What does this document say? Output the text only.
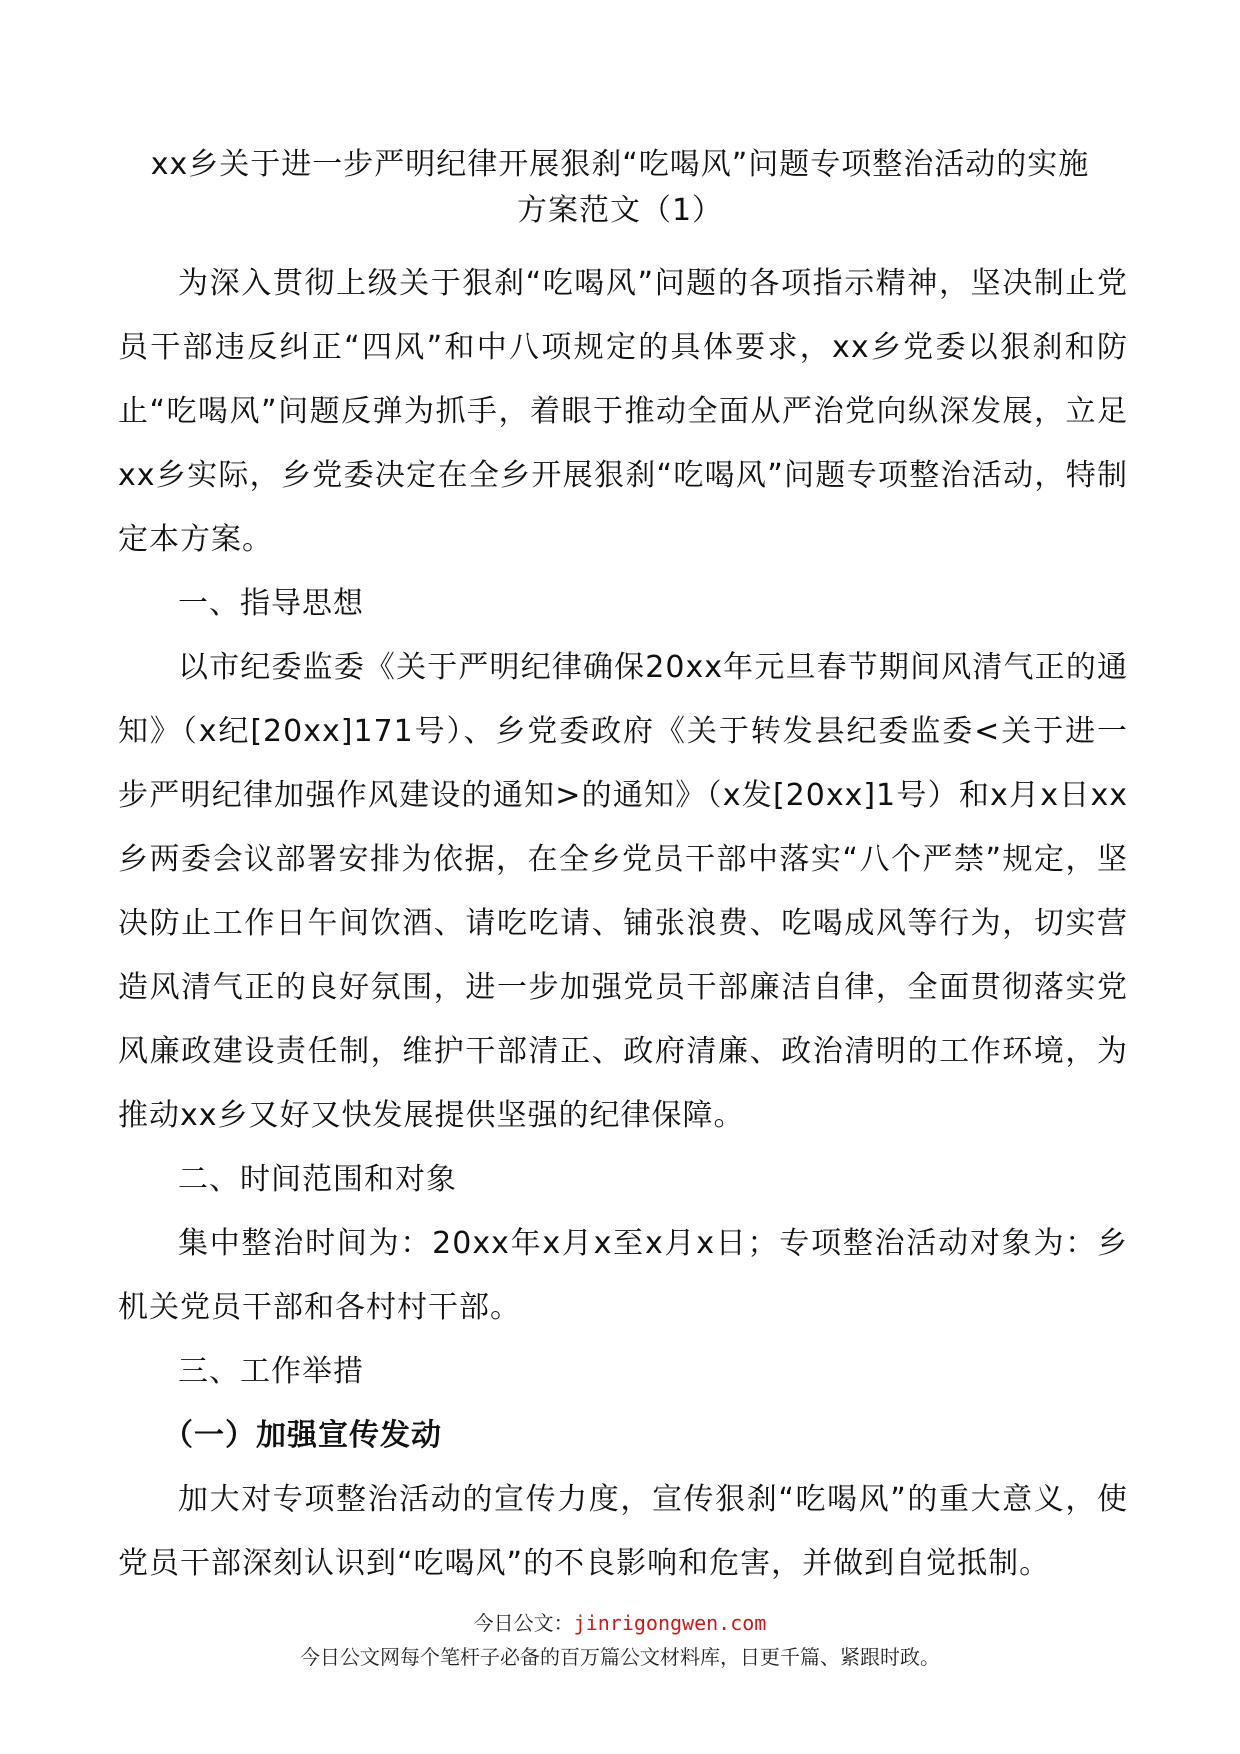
xx乡关于进一步严明纪律开展狠刹“吃喝风”问题专项整治活动的实施
方案范文（1）

为深入贯彻上级关于狠刹“吃喝风”问题的各项指示精神，坚决制止党员干部违反纠正“四风”和中八项规定的具体要求，xx乡党委以狠刹和防止“吃喝风”问题反弹为抓手，着眼于推动全面从严治党向纵深发展，立足xx乡实际，乡党委决定在全乡开展狠刹“吃喝风”问题专项整治活动，特制定本方案。

一、指导思想

以市纪委监委《关于严明纪律确保20xx年元旦春节期间风清气正的通知》（x纪[20xx]171号）、乡党委政府《关于转发县纪委监委<关于进一步严明纪律加强作风建设的通知>的通知》（x发[20xx]1号）和x月x日xx乡两委会议部署安排为依据，在全乡党员干部中落实“八个严禁”规定，坚决防止工作日午间饮酒、请吃吃请、铺张浪费、吃喝成风等行为，切实营造风清气正的良好氛围，进一步加强党员干部廉洁自律，全面贯彻落实党风廉政建设责任制，维护干部清正、政府清廉、政治清明的工作环境，为推动xx乡又好又快发展提供坚强的纪律保障。

二、时间范围和对象

集中整治时间为：20xx年x月x至x月x日；专项整治活动对象为：乡机关党员干部和各村村干部。

三、工作举措

（一）加强宣传发动

加大对专项整治活动的宣传力度，宣传狠刹“吃喝风”的重大意义，使党员干部深刻认识到“吃喝风”的不良影响和危害，并做到自觉抵制。

今日公文：jinrigongwen.com
今日公文网每个笔杆子必备的百万篇公文材料库，日更千篇、紧跟时政。
